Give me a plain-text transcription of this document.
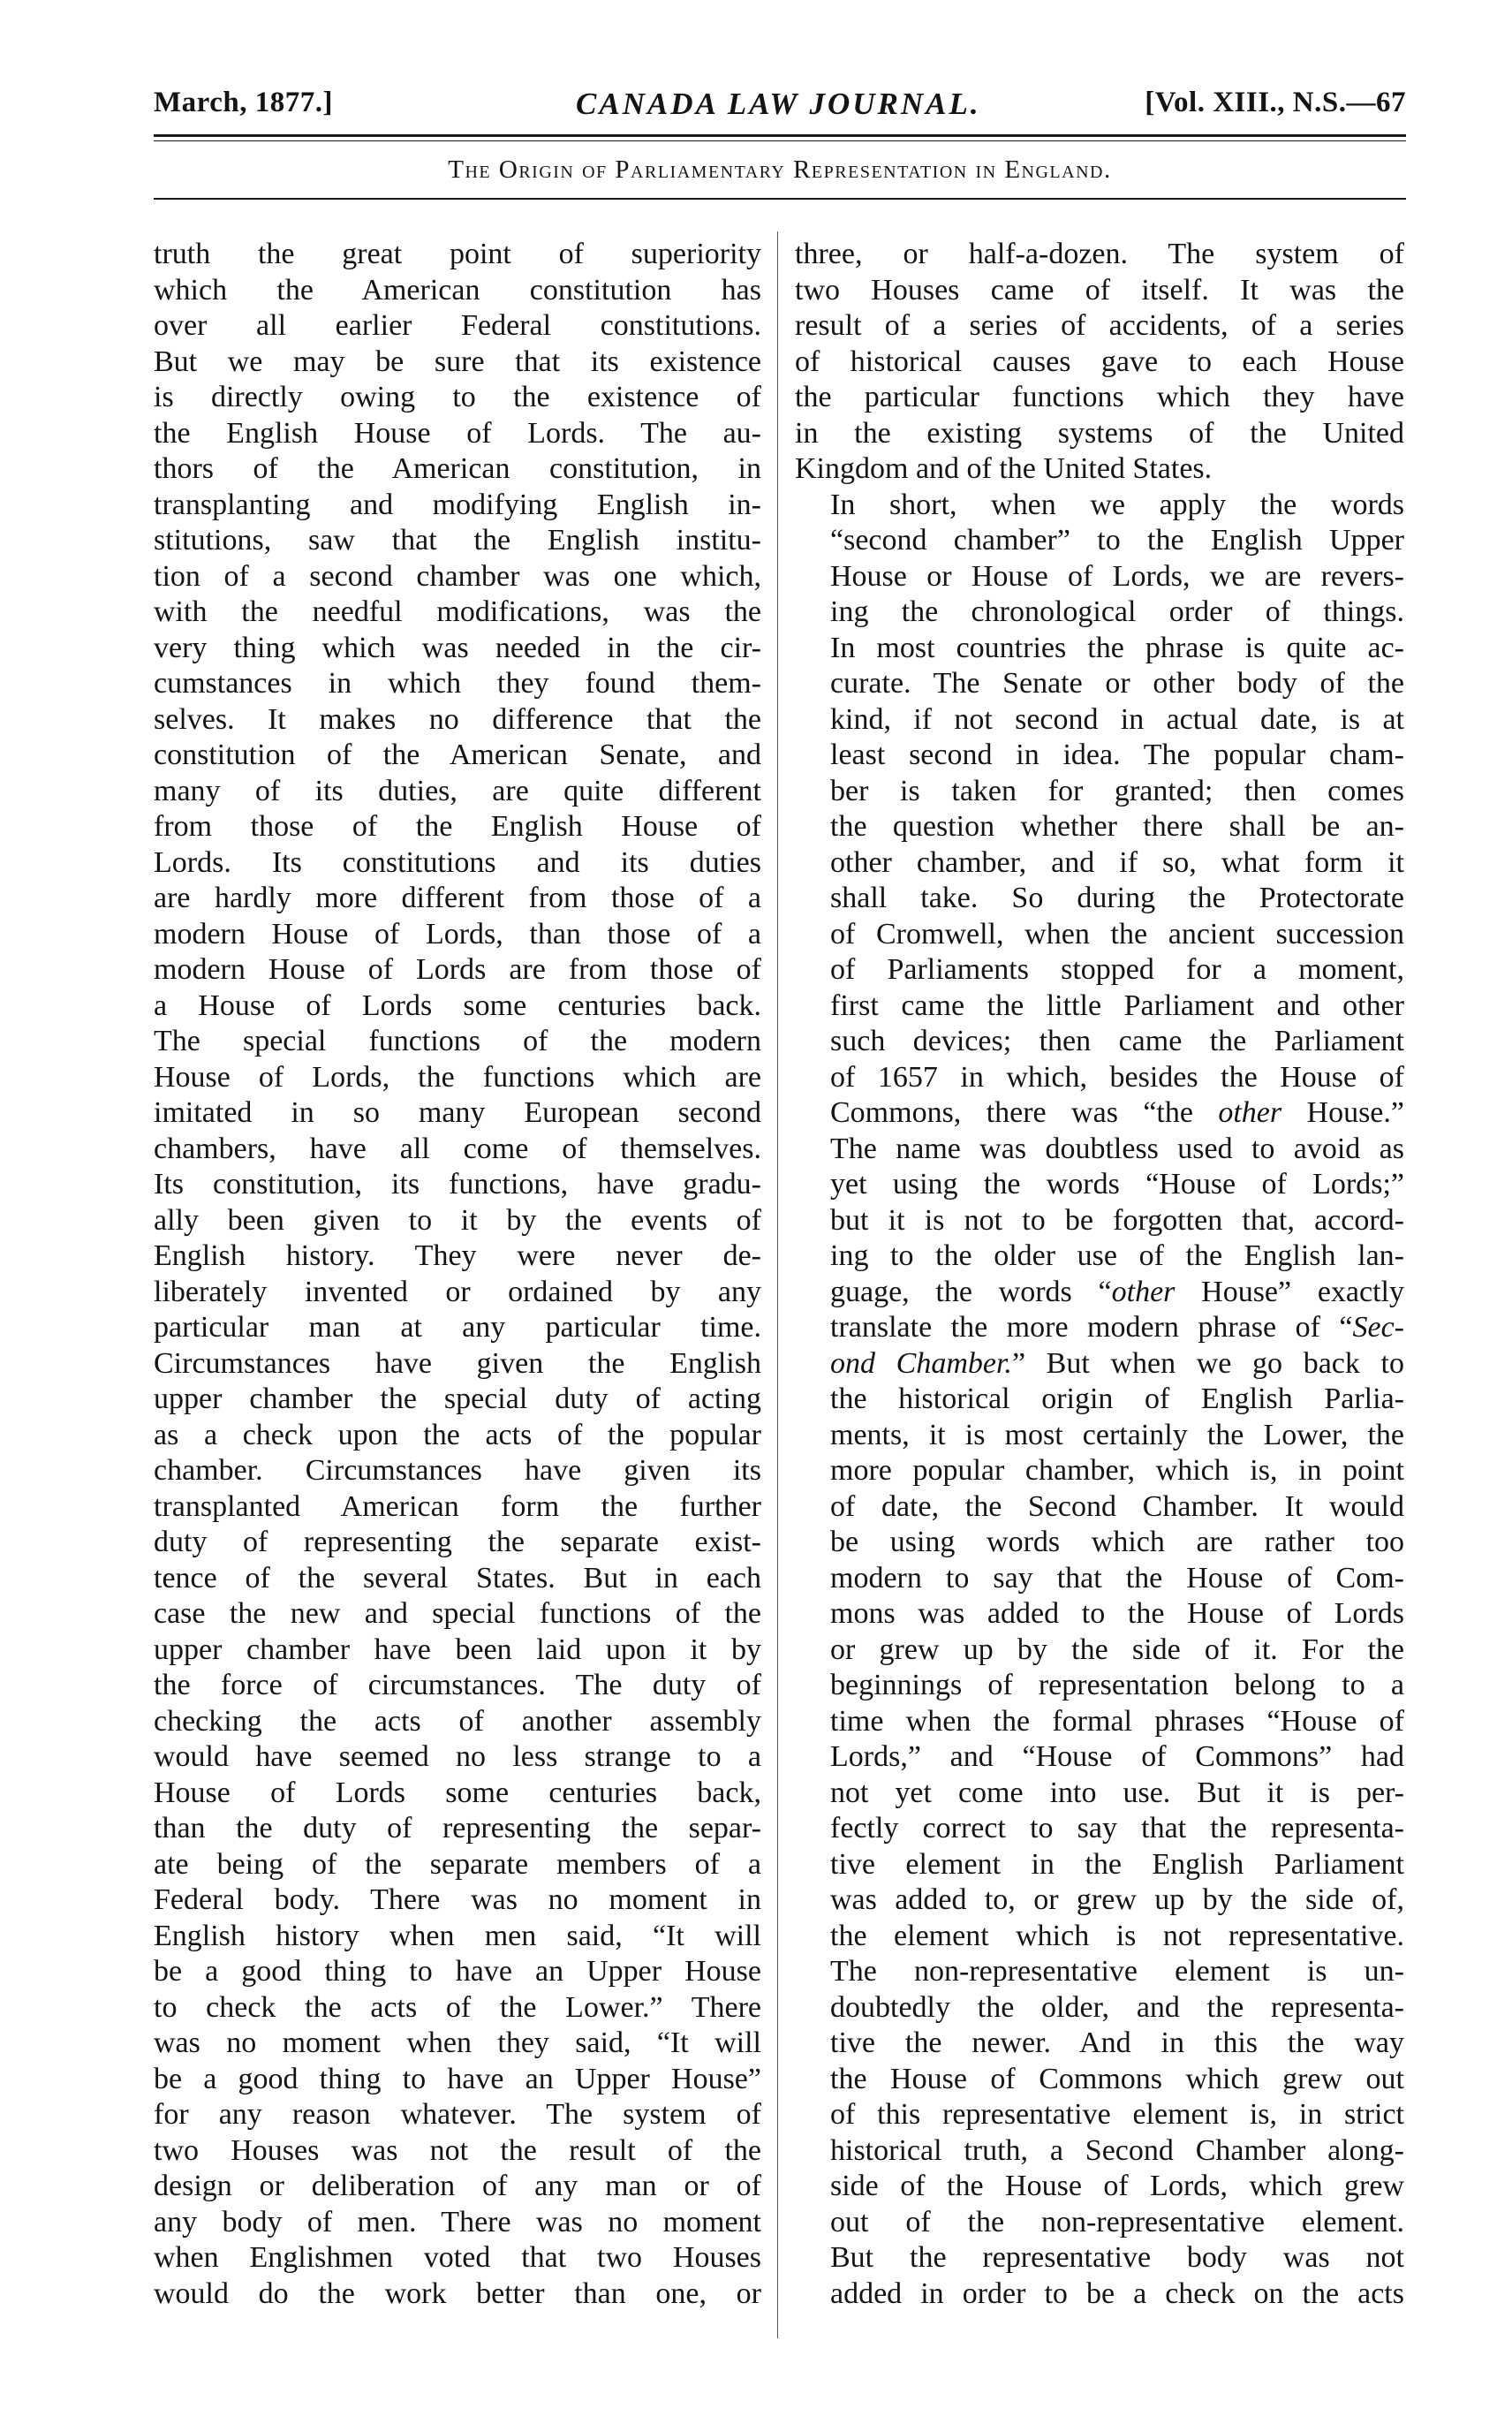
March, 1877.]	CANADA LAW JOURNAL.	[Vol. XIII., N.S.—67
The Origin of Parliamentary Representation in England.
truth the great point of superiority
which the American constitution has
over all earlier Federal constitutions.
But we may be sure that its existence
is directly owing to the existence of
the English House of Lords. The au-
thors of the American constitution, in
transplanting and modifying English in-
stitutions, saw that the English institu-
tion of a second chamber was one which,
with the needful modifications, was the
very thing which was needed in the cir-
cumstances in which they found them-
selves. It makes no difference that the
constitution of the American Senate, and
many of its duties, are quite different
from those of the English House of
Lords. Its constitutions and its duties
are hardly more different from those of a
modern House of Lords, than those of a
modern House of Lords are from those of
a House of Lords some centuries back.
The special functions of the modern
House of Lords, the functions which are
imitated in so many European second
chambers, have all come of themselves.
Its constitution, its functions, have gradu-
ally been given to it by the events of
English history. They were never de-
liberately invented or ordained by any
particular man at any particular time.
Circumstances have given the English
upper chamber the special duty of acting
as a check upon the acts of the popular
chamber. Circumstances have given its
transplanted American form the further
duty of representing the separate exist-
tence of the several States. But in each
case the new and special functions of the
upper chamber have been laid upon it by
the force of circumstances. The duty of
checking the acts of another assembly
would have seemed no less strange to a
House of Lords some centuries back,
than the duty of representing the separ-
ate being of the separate members of a
Federal body. There was no moment in
English history when men said, “It will
be a good thing to have an Upper House
to check the acts of the Lower.” There
was no moment when they said, “It will
be a good thing to have an Upper House”
for any reason whatever. The system of
two Houses was not the result of the
design or deliberation of any man or of
any body of men. There was no moment
when Englishmen voted that two Houses
would do the work better than one, or

three, or half-a-dozen. The system of
two Houses came of itself. It was the
result of a series of accidents, of a series
of historical causes gave to each House
the particular functions which they have
in the existing systems of the United
Kingdom and of the United States.

In short, when we apply the words
“second chamber” to the English Upper
House or House of Lords, we are revers-
ing the chronological order of things.
In most countries the phrase is quite ac-
curate. The Senate or other body of the
kind, if not second in actual date, is at
least second in idea. The popular cham-
ber is taken for granted; then comes
the question whether there shall be an-
other chamber, and if so, what form it
shall take. So during the Protectorate
of Cromwell, when the ancient succession
of Parliaments stopped for a moment,
first came the little Parliament and other
such devices; then came the Parliament
of 1657 in which, besides the House of
Commons, there was “the other House.”
The name was doubtless used to avoid as
yet using the words “House of Lords;”
but it is not to be forgotten that, accord-
ing to the older use of the English lan-
guage, the words “other House” exactly
translate the more modern phrase of “Sec-
ond Chamber.” But when we go back to
the historical origin of English Parlia-
ments, it is most certainly the Lower, the
more popular chamber, which is, in point
of date, the Second Chamber. It would
be using words which are rather too
modern to say that the House of Com-
mons was added to the House of Lords
or grew up by the side of it. For the
beginnings of representation belong to a
time when the formal phrases “House of
Lords,” and “House of Commons” had
not yet come into use. But it is per-
fectly correct to say that the representa-
tive element in the English Parliament
was added to, or grew up by the side of,
the element which is not representative.
The non-representative element is un-
doubtedly the older, and the representa-
tive the newer. And in this the way
the House of Commons which grew out
of this representative element is, in strict
historical truth, a Second Chamber along-
side of the House of Lords, which grew
out of the non-representative element.
But the representative body was not
added in order to be a check on the acts
